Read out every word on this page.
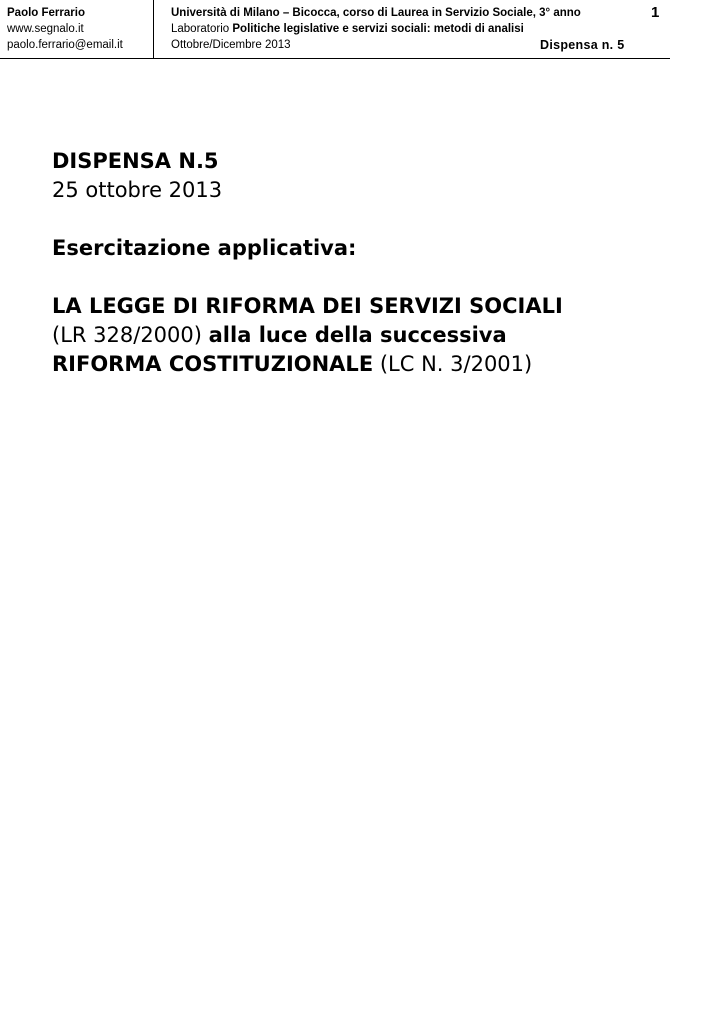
Paolo Ferrario
www.segnalo.it
paolo.ferrario@email.it
Università di Milano – Bicocca, corso di Laurea in Servizio Sociale, 3° anno
Laboratorio Politiche legislative e servizi sociali: metodi di analisi
Ottobre/Dicembre 2013	Dispensa n. 5
1
DISPENSA N.5
25 ottobre 2013
Esercitazione applicativa:
LA LEGGE DI RIFORMA DEI SERVIZI SOCIALI
(LR 328/2000) alla luce della successiva
RIFORMA COSTITUZIONALE (LC N. 3/2001)
